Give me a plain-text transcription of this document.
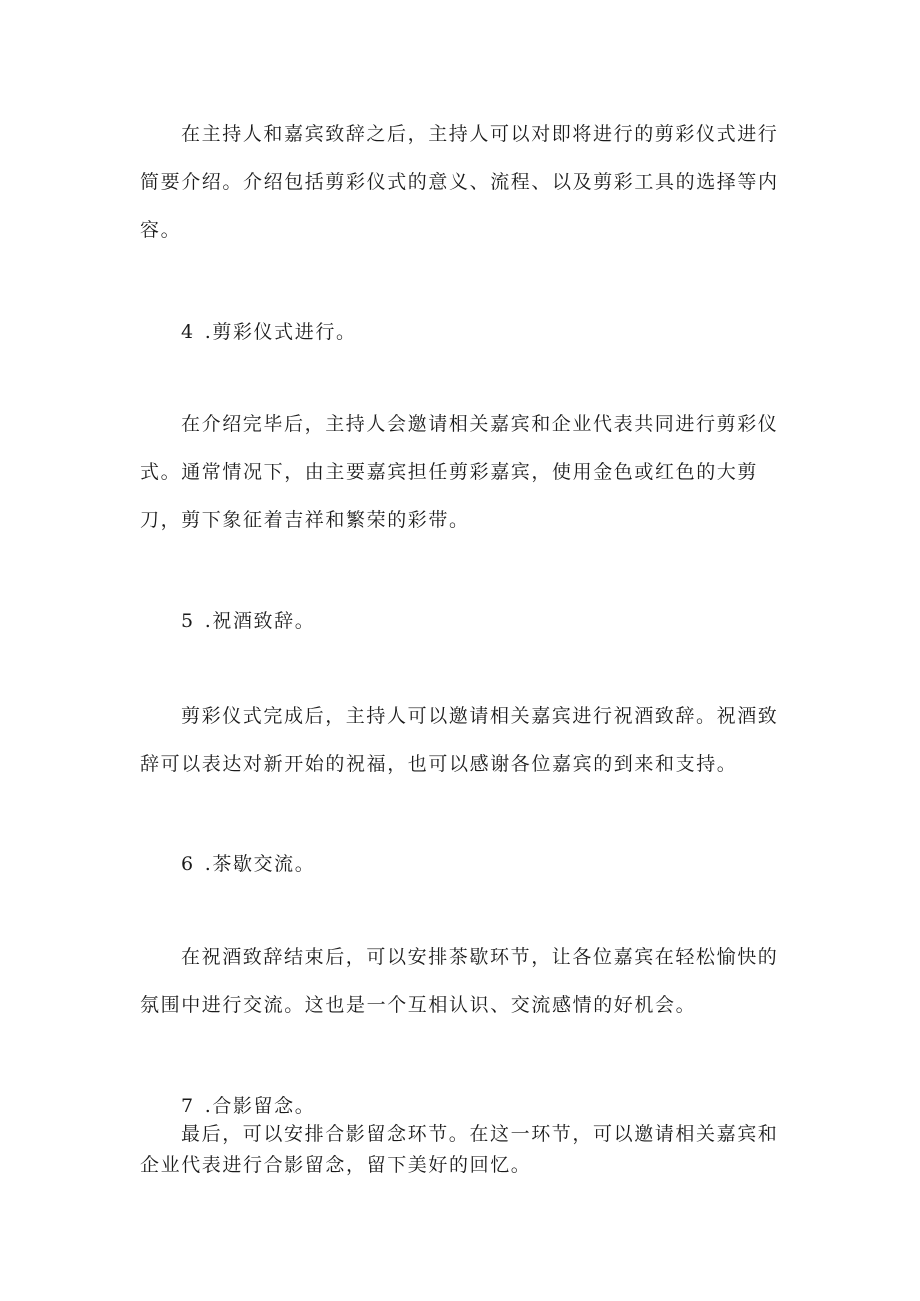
在主持人和嘉宾致辞之后，主持人可以对即将进行的剪彩仪式进行简要介绍。介绍包括剪彩仪式的意义、流程、以及剪彩工具的选择等内容。

4 .剪彩仪式进行。

在介绍完毕后，主持人会邀请相关嘉宾和企业代表共同进行剪彩仪式。通常情况下，由主要嘉宾担任剪彩嘉宾，使用金色或红色的大剪刀，剪下象征着吉祥和繁荣的彩带。

5 .祝酒致辞。

剪彩仪式完成后，主持人可以邀请相关嘉宾进行祝酒致辞。祝酒致辞可以表达对新开始的祝福，也可以感谢各位嘉宾的到来和支持。

6 .茶歇交流。

在祝酒致辞结束后，可以安排茶歇环节，让各位嘉宾在轻松愉快的氛围中进行交流。这也是一个互相认识、交流感情的好机会。

7 .合影留念。

最后，可以安排合影留念环节。在这一环节，可以邀请相关嘉宾和企业代表进行合影留念，留下美好的回忆。
